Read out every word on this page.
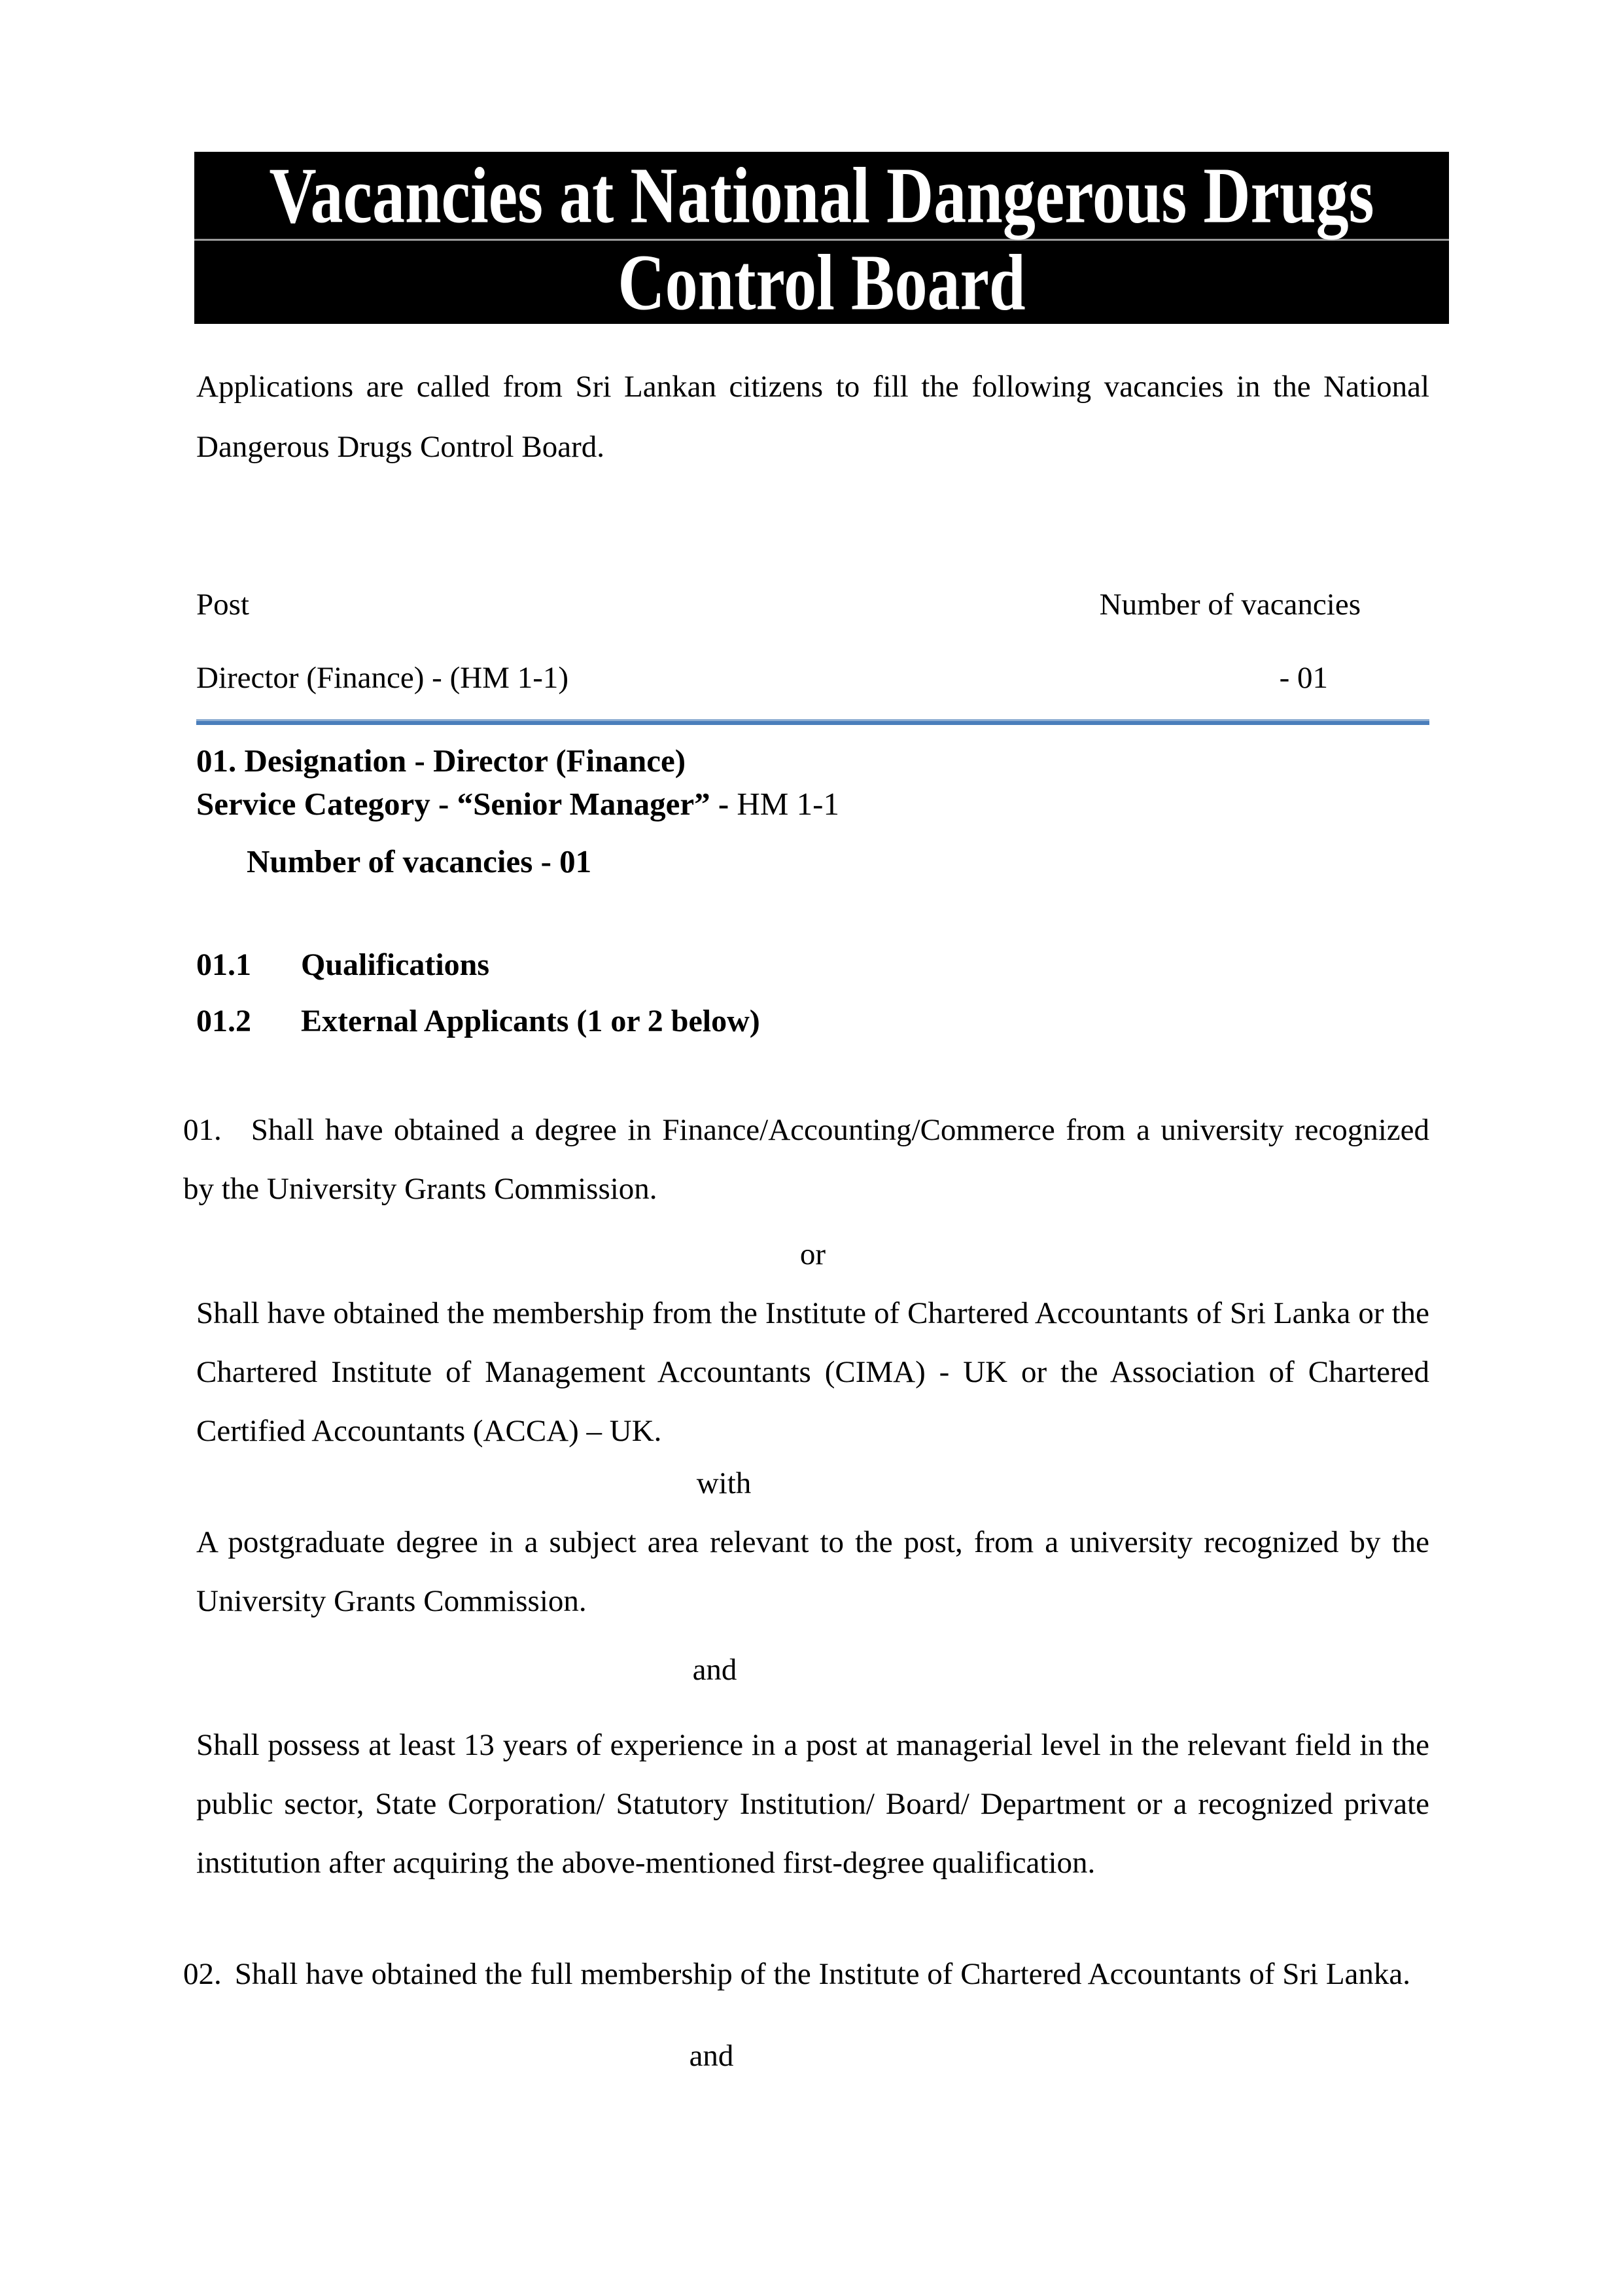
Vacancies at National Dangerous Drugs
Control Board

Applications are called from Sri Lankan citizens to fill the following vacancies in the National Dangerous Drugs Control Board.

Post	Number of vacancies
Director (Finance) - (HM 1-1)	- 01
01. Designation - Director (Finance)
Service Category - “Senior Manager” - HM 1-1
Number of vacancies - 01
01.1	Qualifications
01.2	External Applicants (1 or 2 below)

01. Shall have obtained a degree in Finance/Accounting/Commerce from a university recognized by the University Grants Commission.

or

Shall have obtained the membership from the Institute of Chartered Accountants of Sri Lanka or the Chartered Institute of Management Accountants (CIMA) - UK or the Association of Chartered Certified Accountants (ACCA) – UK.

with

A postgraduate degree in a subject area relevant to the post, from a university recognized by the University Grants Commission.

and

Shall possess at least 13 years of experience in a post at managerial level in the relevant field in the public sector, State Corporation/ Statutory Institution/ Board/ Department or a recognized private institution after acquiring the above-mentioned first-degree qualification.

02. Shall have obtained the full membership of the Institute of Chartered Accountants of Sri Lanka.

and
